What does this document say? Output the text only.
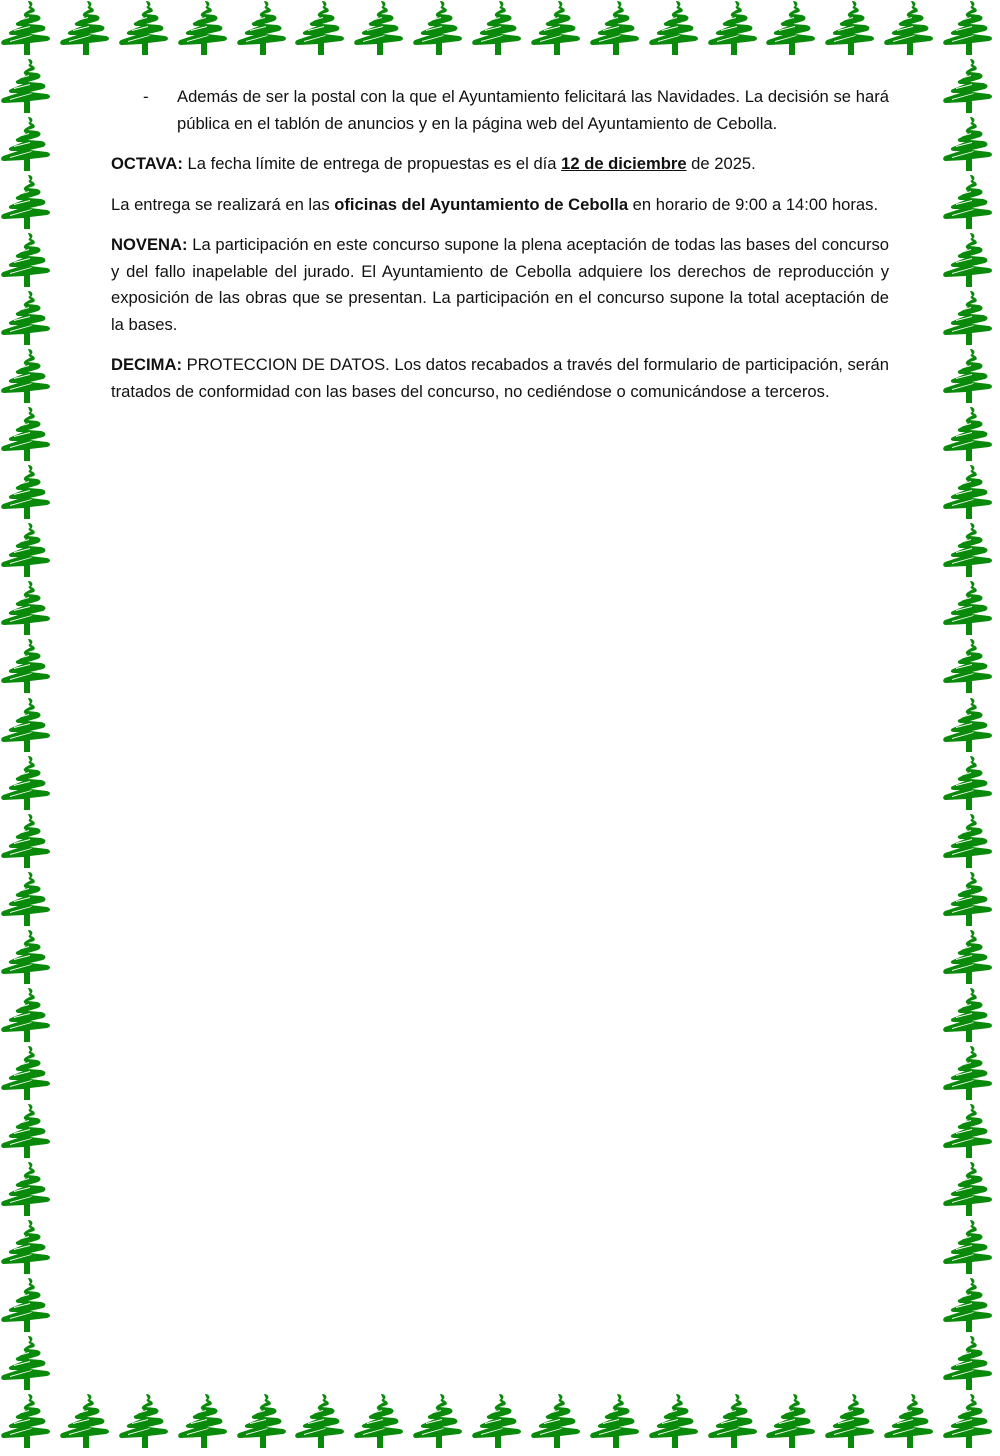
-	Además de ser la postal con la que el Ayuntamiento felicitará las Navidades. La decisión se hará pública en el tablón de anuncios y en la página web del Ayuntamiento de Cebolla.

OCTAVA: La fecha límite de entrega de propuestas es el día 12 de diciembre de 2025.

La entrega se realizará en las oficinas del Ayuntamiento de Cebolla en horario de 9:00 a 14:00 horas.

NOVENA: La participación en este concurso supone la plena aceptación de todas las bases del concurso y del fallo inapelable del jurado. El Ayuntamiento de Cebolla adquiere los derechos de reproducción y exposición de las obras que se presentan. La participación en el concurso supone la total aceptación de la bases.

DECIMA: PROTECCION DE DATOS. Los datos recabados a través del formulario de participación, serán tratados de conformidad con las bases del concurso, no cediéndose o comunicándose a terceros.
